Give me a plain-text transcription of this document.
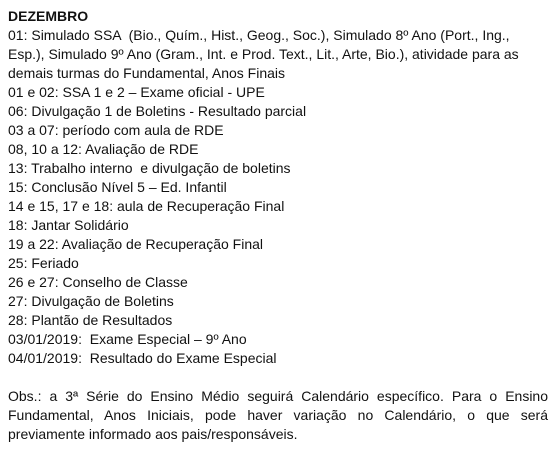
DEZEMBRO
01: Simulado SSA  (Bio., Quím., Hist., Geog., Soc.), Simulado 8º Ano (Port., Ing.,
Esp.), Simulado 9º Ano (Gram., Int. e Prod. Text., Lit., Arte, Bio.), atividade para as
demais turmas do Fundamental, Anos Finais
01 e 02: SSA 1 e 2 – Exame oficial - UPE
06: Divulgação 1 de Boletins - Resultado parcial
03 a 07: período com aula de RDE
08, 10 a 12: Avaliação de RDE
13: Trabalho interno  e divulgação de boletins
15: Conclusão Nível 5 – Ed. Infantil
14 e 15, 17 e 18: aula de Recuperação Final
18: Jantar Solidário
19 a 22: Avaliação de Recuperação Final
25: Feriado
26 e 27: Conselho de Classe
27: Divulgação de Boletins
28: Plantão de Resultados
03/01/2019:  Exame Especial – 9º Ano
04/01/2019:  Resultado do Exame Especial
Obs.: a 3ª Série do Ensino Médio seguirá Calendário específico. Para o Ensino
Fundamental, Anos Iniciais, pode haver variação no Calendário, o que será
previamente informado aos pais/responsáveis.
